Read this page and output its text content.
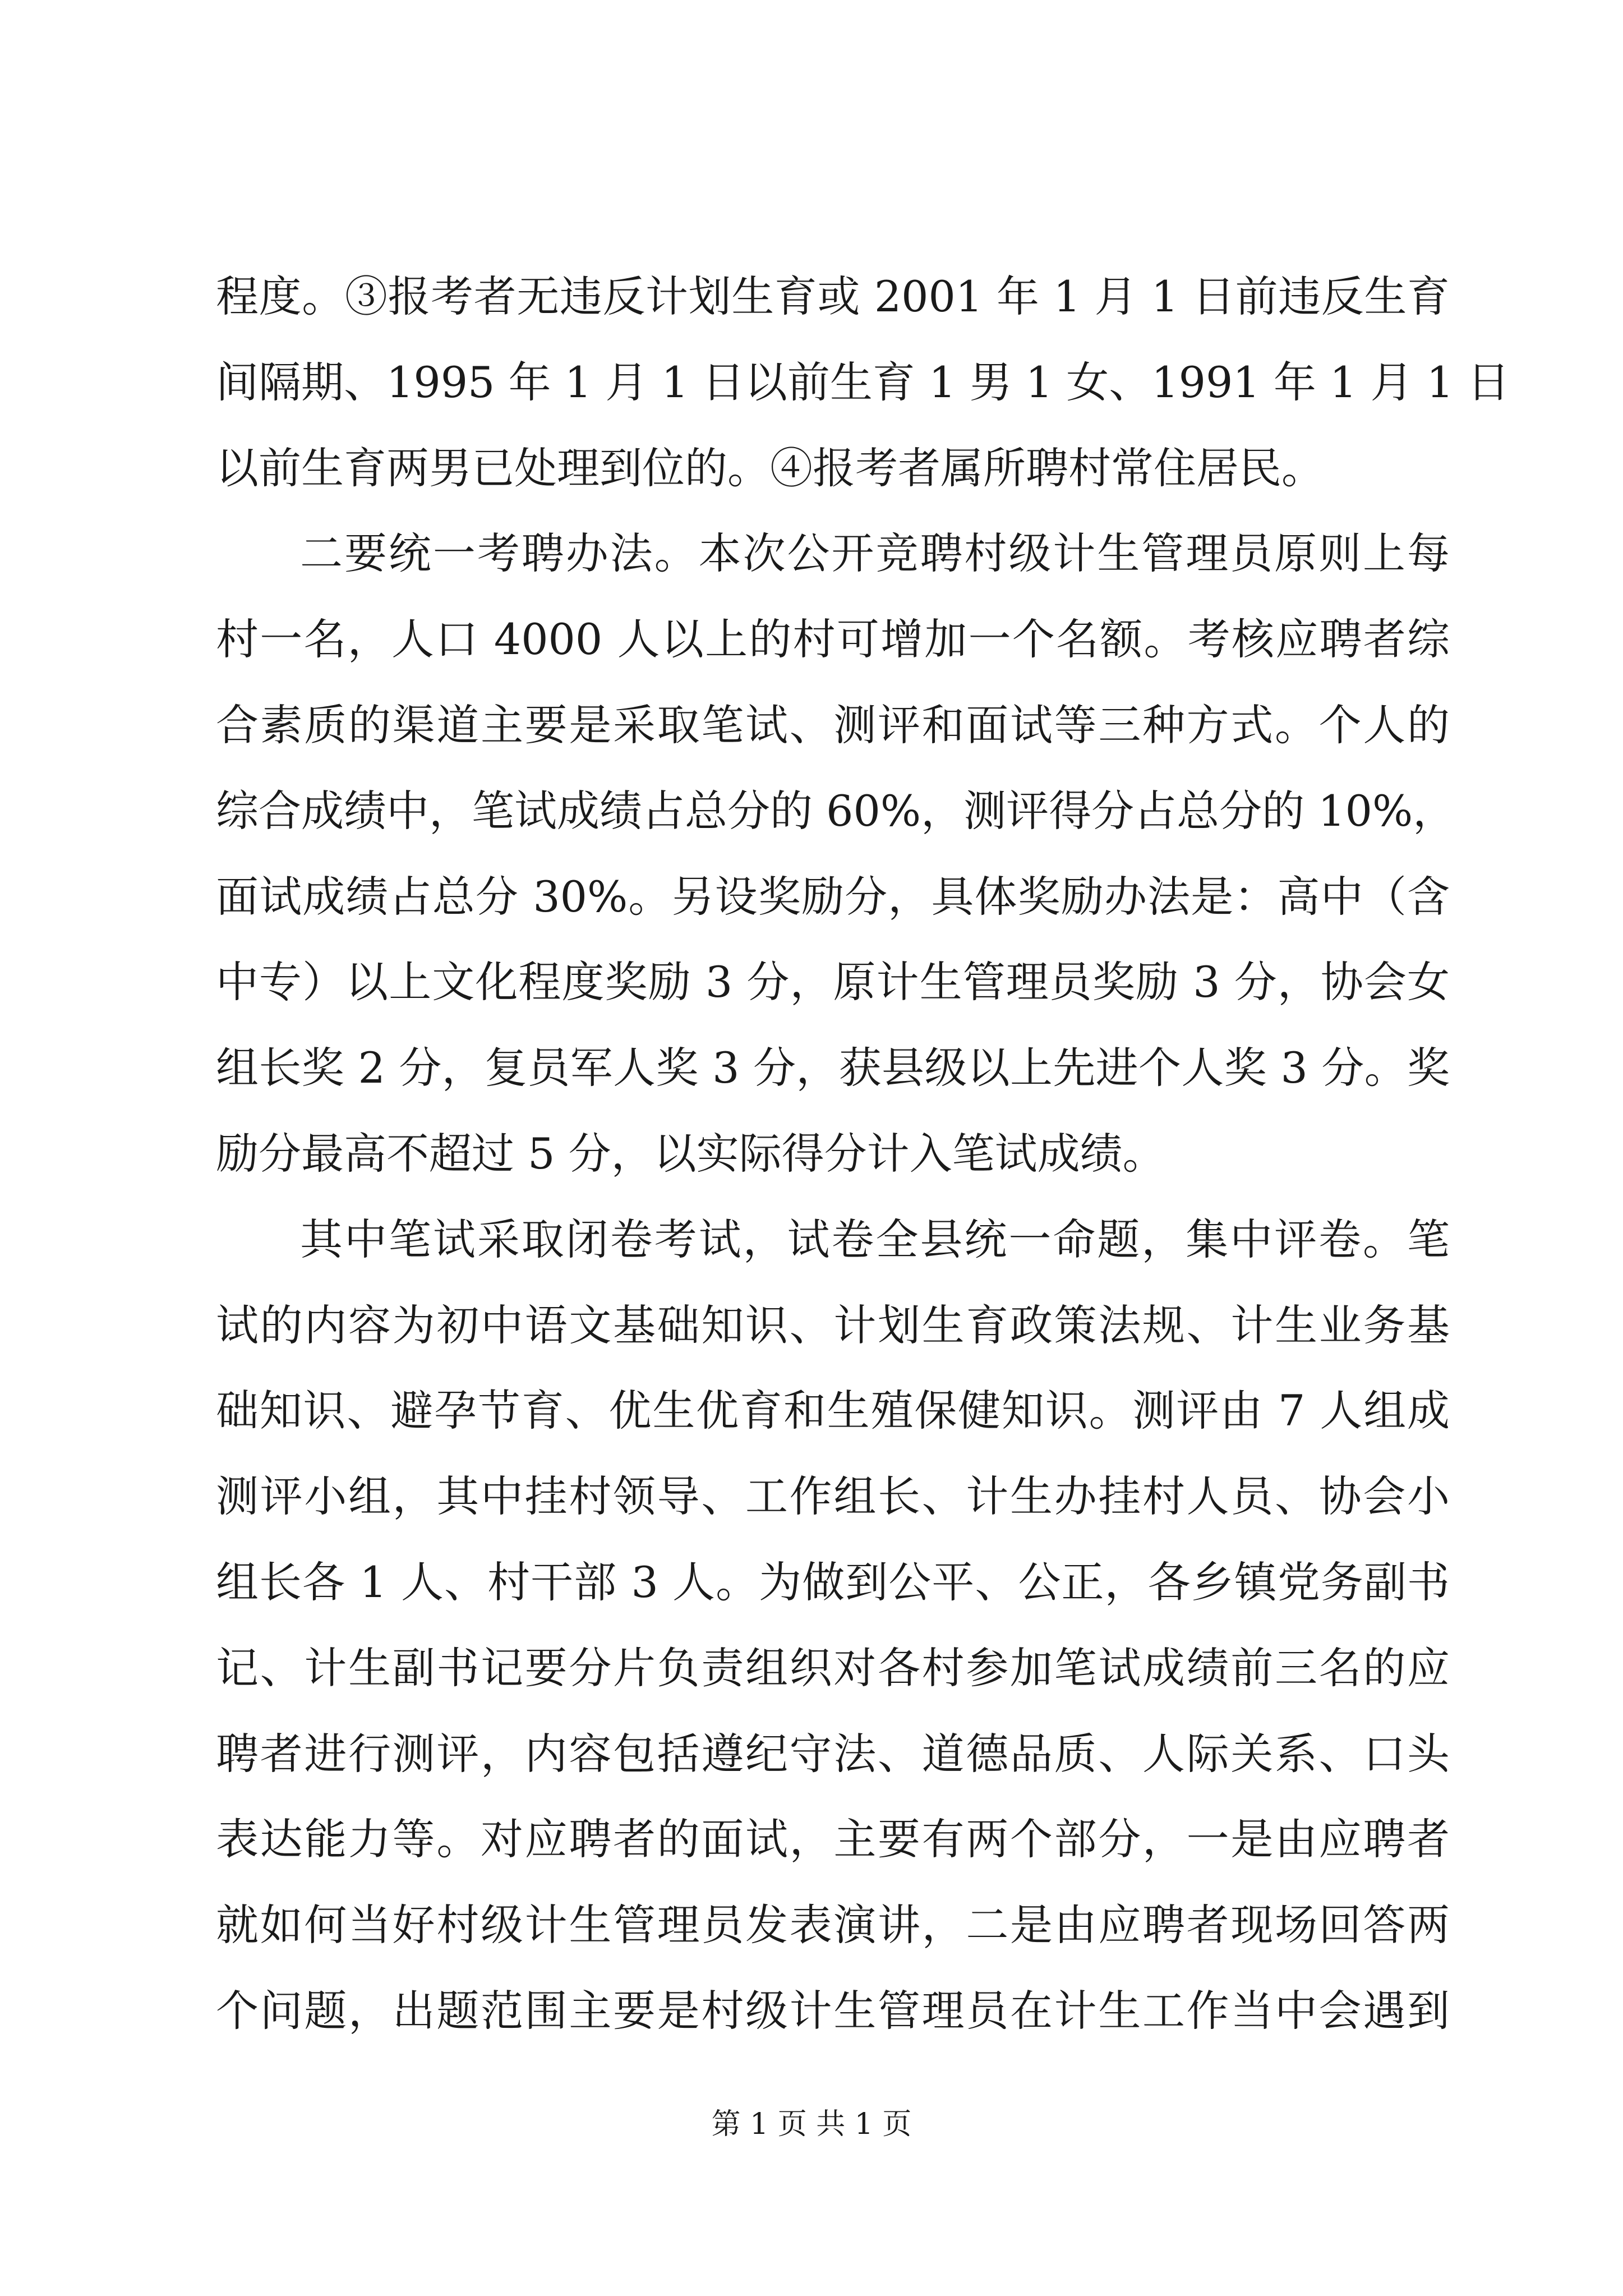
程度。③报考者无违反计划生育或 2001 年 1 月 1 日前违反生育
间隔期、1995 年 1 月 1 日以前生育 1 男 1 女、1991 年 1 月 1 日
以前生育两男已处理到位的。④报考者属所聘村常住居民。
二要统一考聘办法。本次公开竞聘村级计生管理员原则上每
村一名，人口 4000 人以上的村可增加一个名额。考核应聘者综
合素质的渠道主要是采取笔试、测评和面试等三种方式。个人的
综合成绩中，笔试成绩占总分的 60%，测评得分占总分的 10%，
面试成绩占总分 30%。另设奖励分，具体奖励办法是：高中（含
中专）以上文化程度奖励 3 分，原计生管理员奖励 3 分，协会女
组长奖 2 分，复员军人奖 3 分，获县级以上先进个人奖 3 分。奖
励分最高不超过 5 分，以实际得分计入笔试成绩。
其中笔试采取闭卷考试，试卷全县统一命题，集中评卷。笔
试的内容为初中语文基础知识、计划生育政策法规、计生业务基
础知识、避孕节育、优生优育和生殖保健知识。测评由 7 人组成
测评小组，其中挂村领导、工作组长、计生办挂村人员、协会小
组长各 1 人、村干部 3 人。为做到公平、公正，各乡镇党务副书
记、计生副书记要分片负责组织对各村参加笔试成绩前三名的应
聘者进行测评，内容包括遵纪守法、道德品质、人际关系、口头
表达能力等。对应聘者的面试，主要有两个部分，一是由应聘者
就如何当好村级计生管理员发表演讲，二是由应聘者现场回答两
个问题，出题范围主要是村级计生管理员在计生工作当中会遇到
第 1 页 共 1 页
